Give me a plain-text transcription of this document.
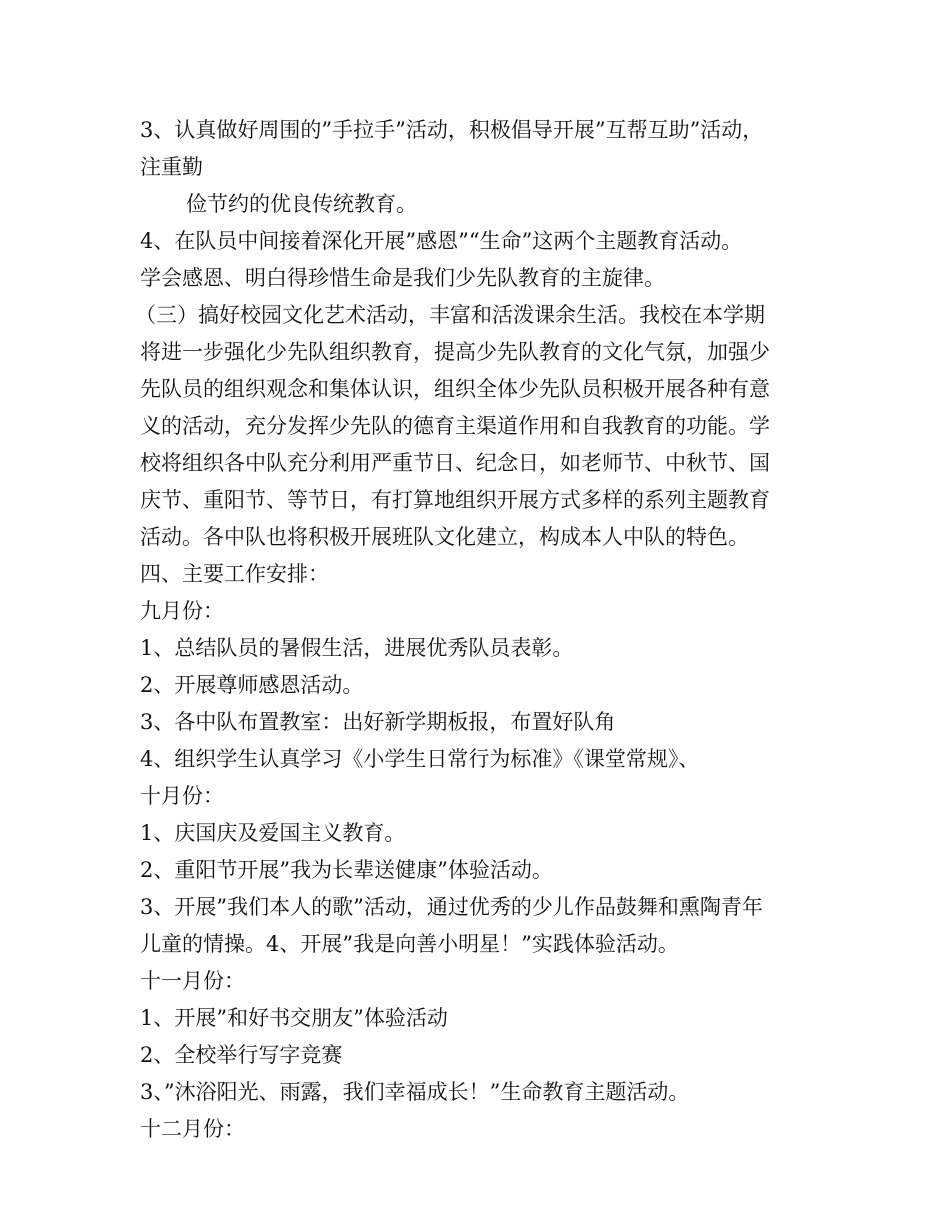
3、认真做好周围的”手拉手”活动，积极倡导开展”互帮互助”活动，
注重勤
俭节约的优良传统教育。
4、在队员中间接着深化开展”感恩”“生命”这两个主题教育活动。
学会感恩、明白得珍惜生命是我们少先队教育的主旋律。
（三）搞好校园文化艺术活动，丰富和活泼课余生活。我校在本学期
将进一步强化少先队组织教育，提高少先队教育的文化气氛，加强少
先队员的组织观念和集体认识，组织全体少先队员积极开展各种有意
义的活动，充分发挥少先队的德育主渠道作用和自我教育的功能。学
校将组织各中队充分利用严重节日、纪念日，如老师节、中秋节、国
庆节、重阳节、等节日，有打算地组织开展方式多样的系列主题教育
活动。各中队也将积极开展班队文化建立，构成本人中队的特色。
四、主要工作安排：
九月份：
1、总结队员的暑假生活，进展优秀队员表彰。
2、开展尊师感恩活动。
3、各中队布置教室：出好新学期板报，布置好队角
4、组织学生认真学习《小学生日常行为标准》《课堂常规》、
十月份：
1、庆国庆及爱国主义教育。
2、重阳节开展”我为长辈送健康”体验活动。
3、开展”我们本人的歌”活动，通过优秀的少儿作品鼓舞和熏陶青年
儿童的情操。4、开展”我是向善小明星！”实践体验活动。
十一月份：
1、开展”和好书交朋友”体验活动
2、全校举行写字竞赛
3、”沐浴阳光、雨露，我们幸福成长！”生命教育主题活动。
十二月份：
